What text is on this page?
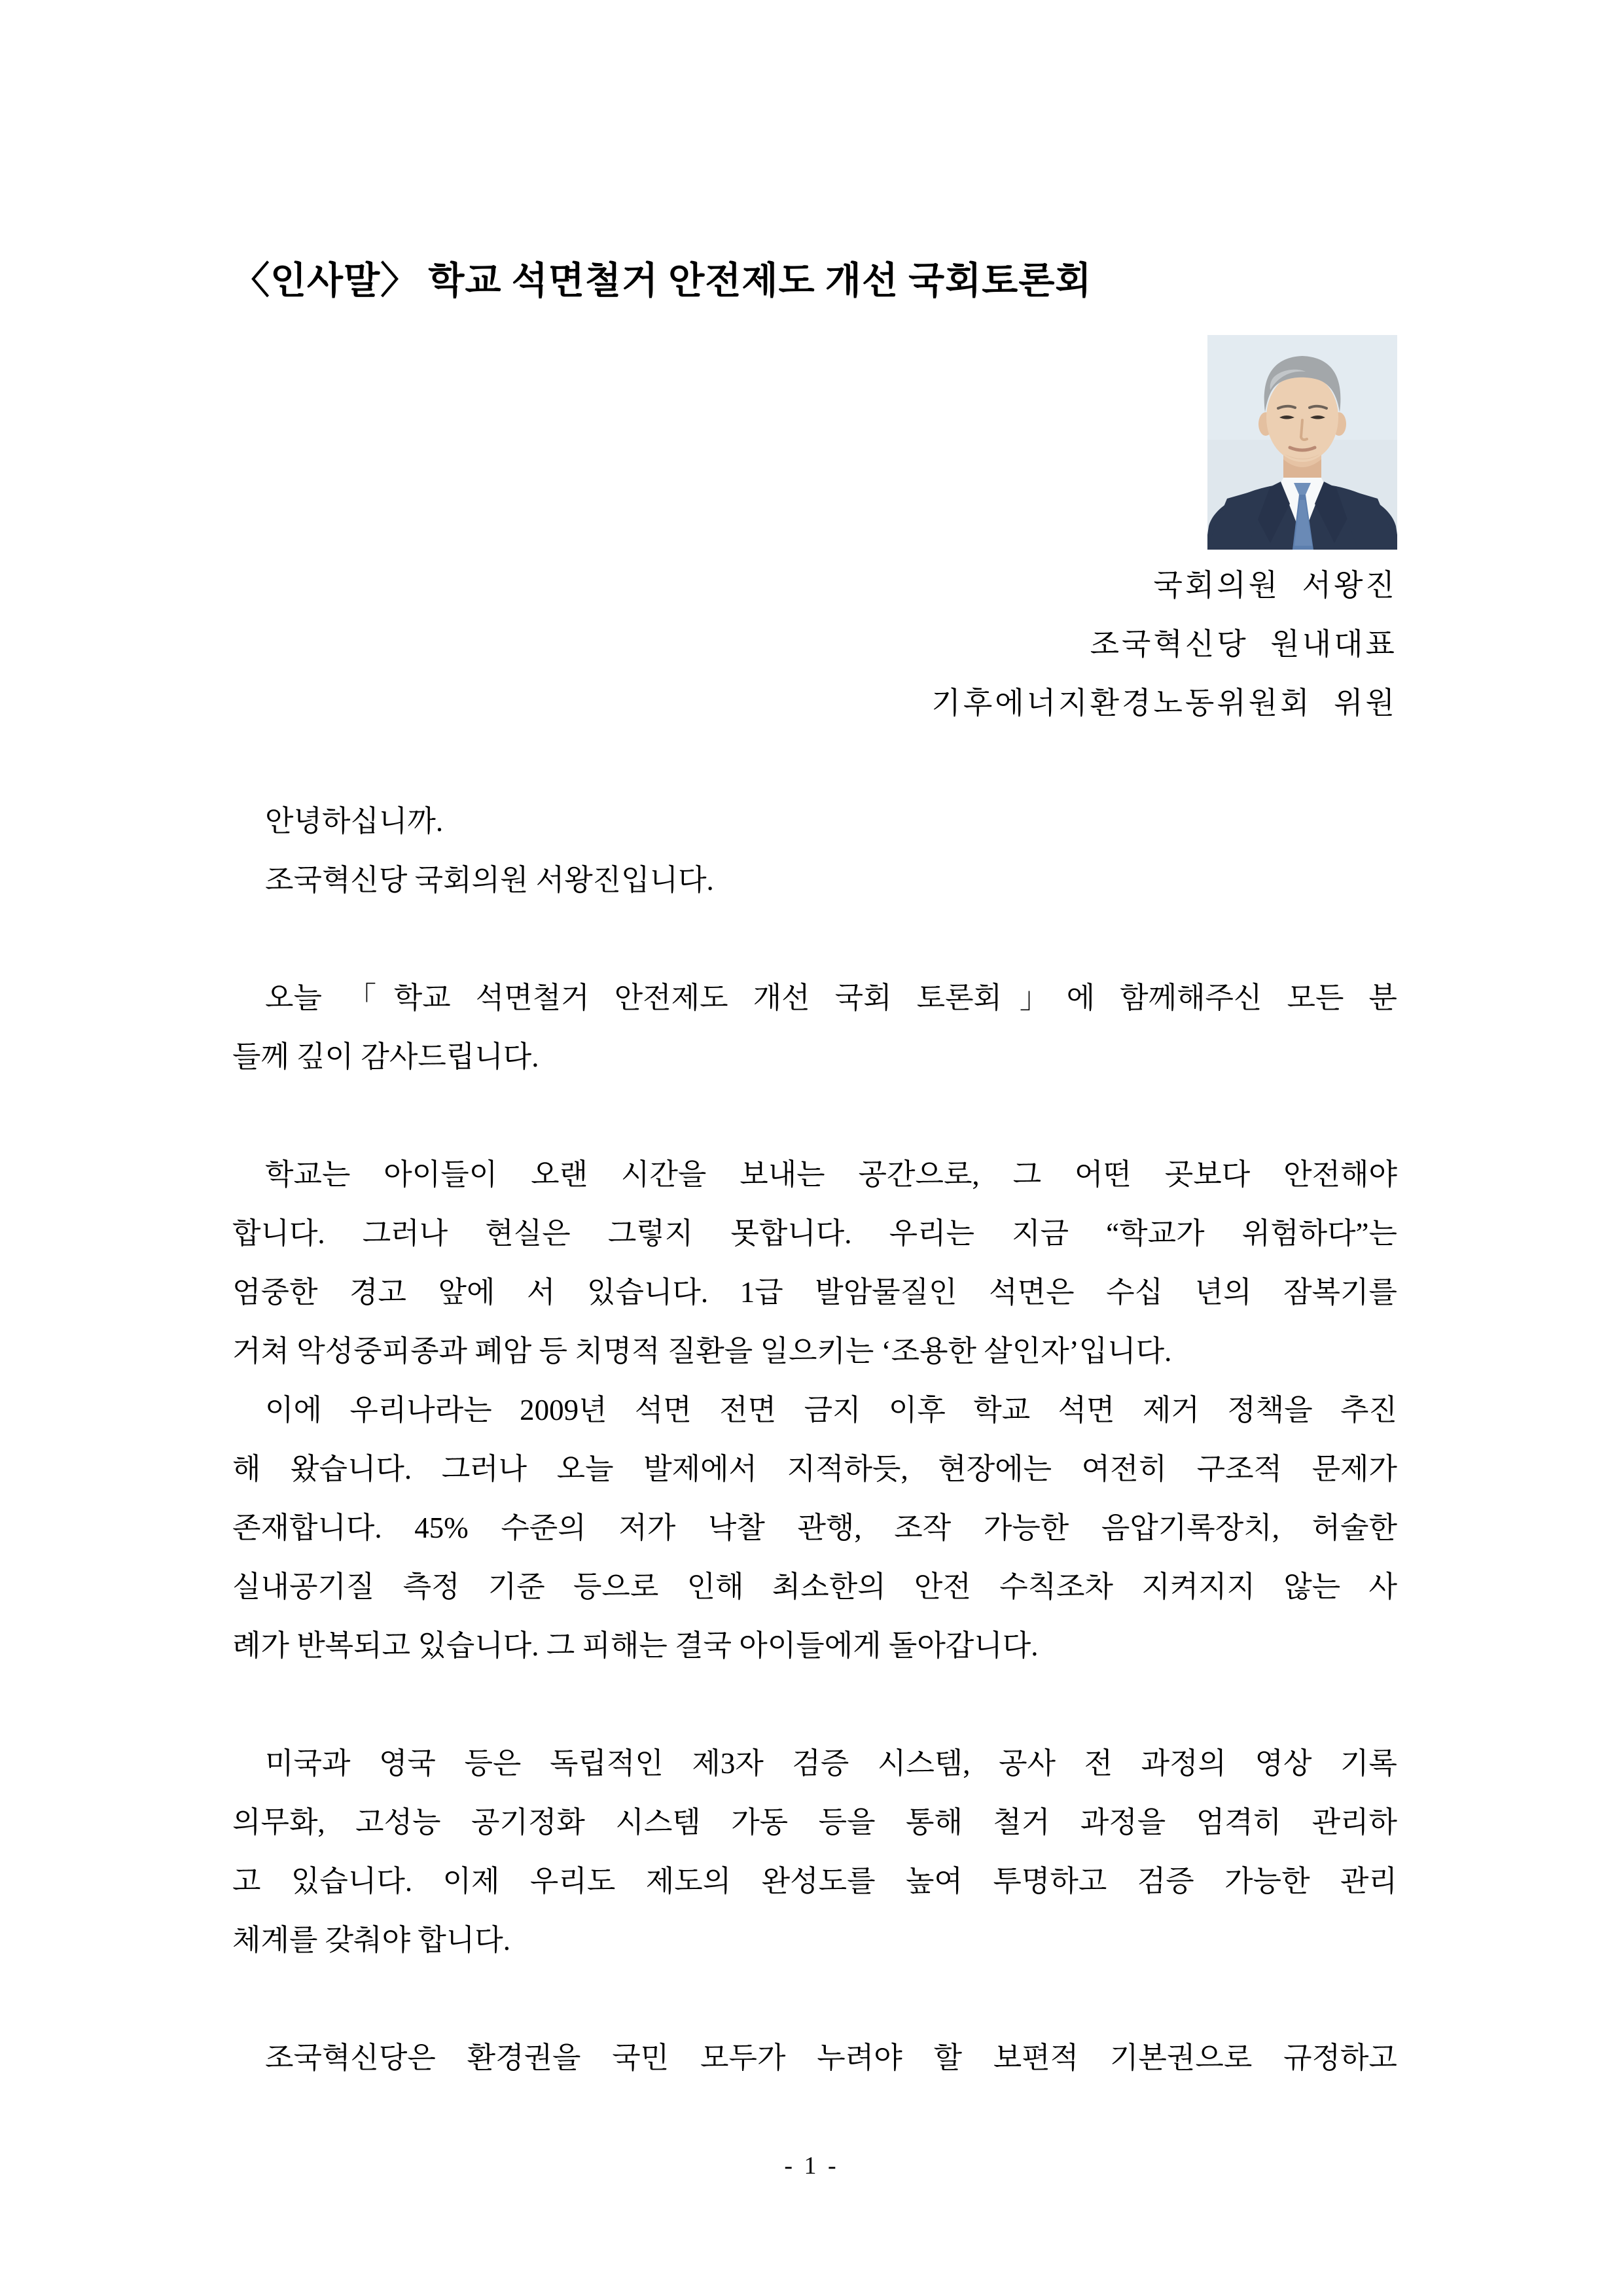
〈인사말〉 학교 석면철거 안전제도 개선 국회토론회
국회의원 서왕진
조국혁신당 원내대표
기후에너지환경노동위원회 위원
안녕하십니까.
조국혁신당 국회의원 서왕진입니다.
오늘 「학교 석면철거 안전제도 개선 국회 토론회」에 함께해주신 모든 분
들께 깊이 감사드립니다.
학교는 아이들이 오랜 시간을 보내는 공간으로, 그 어떤 곳보다 안전해야
합니다. 그러나 현실은 그렇지 못합니다. 우리는 지금 “학교가 위험하다”는
엄중한 경고 앞에 서 있습니다. 1급 발암물질인 석면은 수십 년의 잠복기를
거쳐 악성중피종과 폐암 등 치명적 질환을 일으키는 ‘조용한 살인자’입니다.
이에 우리나라는 2009년 석면 전면 금지 이후 학교 석면 제거 정책을 추진
해 왔습니다. 그러나 오늘 발제에서 지적하듯, 현장에는 여전히 구조적 문제가
존재합니다. 45% 수준의 저가 낙찰 관행, 조작 가능한 음압기록장치, 허술한
실내공기질 측정 기준 등으로 인해 최소한의 안전 수칙조차 지켜지지 않는 사
례가 반복되고 있습니다. 그 피해는 결국 아이들에게 돌아갑니다.
미국과 영국 등은 독립적인 제3자 검증 시스템, 공사 전 과정의 영상 기록
의무화, 고성능 공기정화 시스템 가동 등을 통해 철거 과정을 엄격히 관리하
고 있습니다. 이제 우리도 제도의 완성도를 높여 투명하고 검증 가능한 관리
체계를 갖춰야 합니다.
조국혁신당은 환경권을 국민 모두가 누려야 할 보편적 기본권으로 규정하고
- 1 -
